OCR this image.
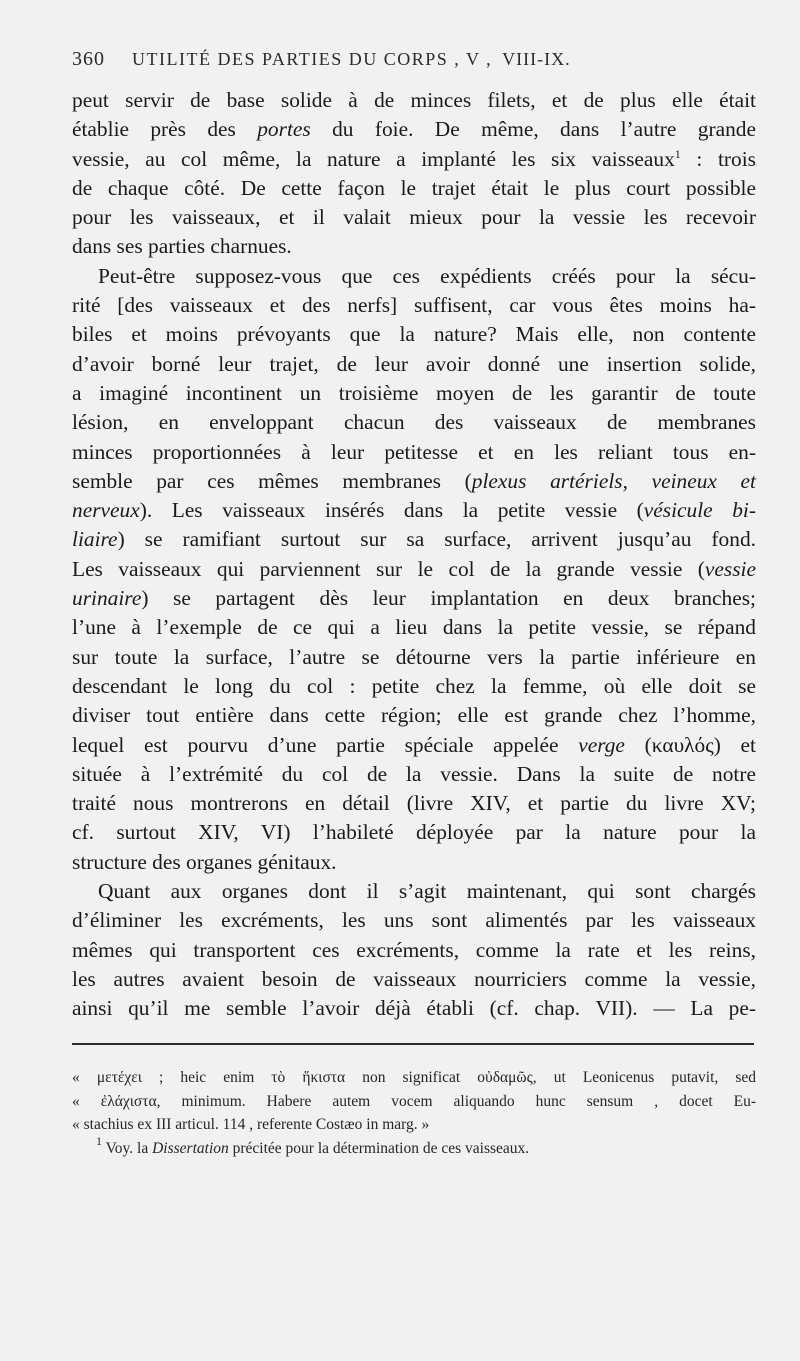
360	UTILITÉ DES PARTIES DU CORPS , V , VIII-IX.
peut servir de base solide à de minces filets, et de plus elle était
établie près des portes du foie. De même, dans l’autre grande
vessie, au col même, la nature a implanté les six vaisseaux$^1$ : trois
de chaque côté. De cette façon le trajet était le plus court possible
pour les vaisseaux, et il valait mieux pour la vessie les recevoir
dans ses parties charnues.
Peut-être supposez-vous que ces expédients créés pour la sécu-
rité [des vaisseaux et des nerfs] suffisent, car vous êtes moins ha-
biles et moins prévoyants que la nature? Mais elle, non contente
d’avoir borné leur trajet, de leur avoir donné une insertion solide,
a imaginé incontinent un troisième moyen de les garantir de toute
lésion, en enveloppant chacun des vaisseaux de membranes
minces proportionnées à leur petitesse et en les reliant tous en-
semble par ces mêmes membranes (plexus artériels, veineux et
nerveux). Les vaisseaux insérés dans la petite vessie (vésicule bi-
liaire) se ramifiant surtout sur sa surface, arrivent jusqu’au fond.
Les vaisseaux qui parviennent sur le col de la grande vessie (vessie
urinaire) se partagent dès leur implantation en deux branches;
l’une à l’exemple de ce qui a lieu dans la petite vessie, se répand
sur toute la surface, l’autre se détourne vers la partie inférieure en
descendant le long du col : petite chez la femme, où elle doit se
diviser tout entière dans cette région; elle est grande chez l’homme,
lequel est pourvu d’une partie spéciale appelée verge (καυλός) et
située à l’extrémité du col de la vessie. Dans la suite de notre
traité nous montrerons en détail (livre XIV, et partie du livre XV;
cf. surtout XIV, VI) l’habileté déployée par la nature pour la
structure des organes génitaux.
Quant aux organes dont il s’agit maintenant, qui sont chargés
d’éliminer les excréments, les uns sont alimentés par les vaisseaux
mêmes qui transportent ces excréments, comme la rate et les reins,
les autres avaient besoin de vaisseaux nourriciers comme la vessie,
ainsi qu’il me semble l’avoir déjà établi (cf. chap. VII). — La pe-
« μετέχει ; heic enim τὸ ἥκιστα non significat οὐδαμῶς, ut Leonicenus putavit, sed
« ἐλάχιστα, minimum. Habere autem vocem aliquando hunc sensum , docet Eu-
« stachius ex III articul. 114 , referente Costæo in marg. »
$^1$ Voy. la Dissertation précitée pour la détermination de ces vaisseaux.
